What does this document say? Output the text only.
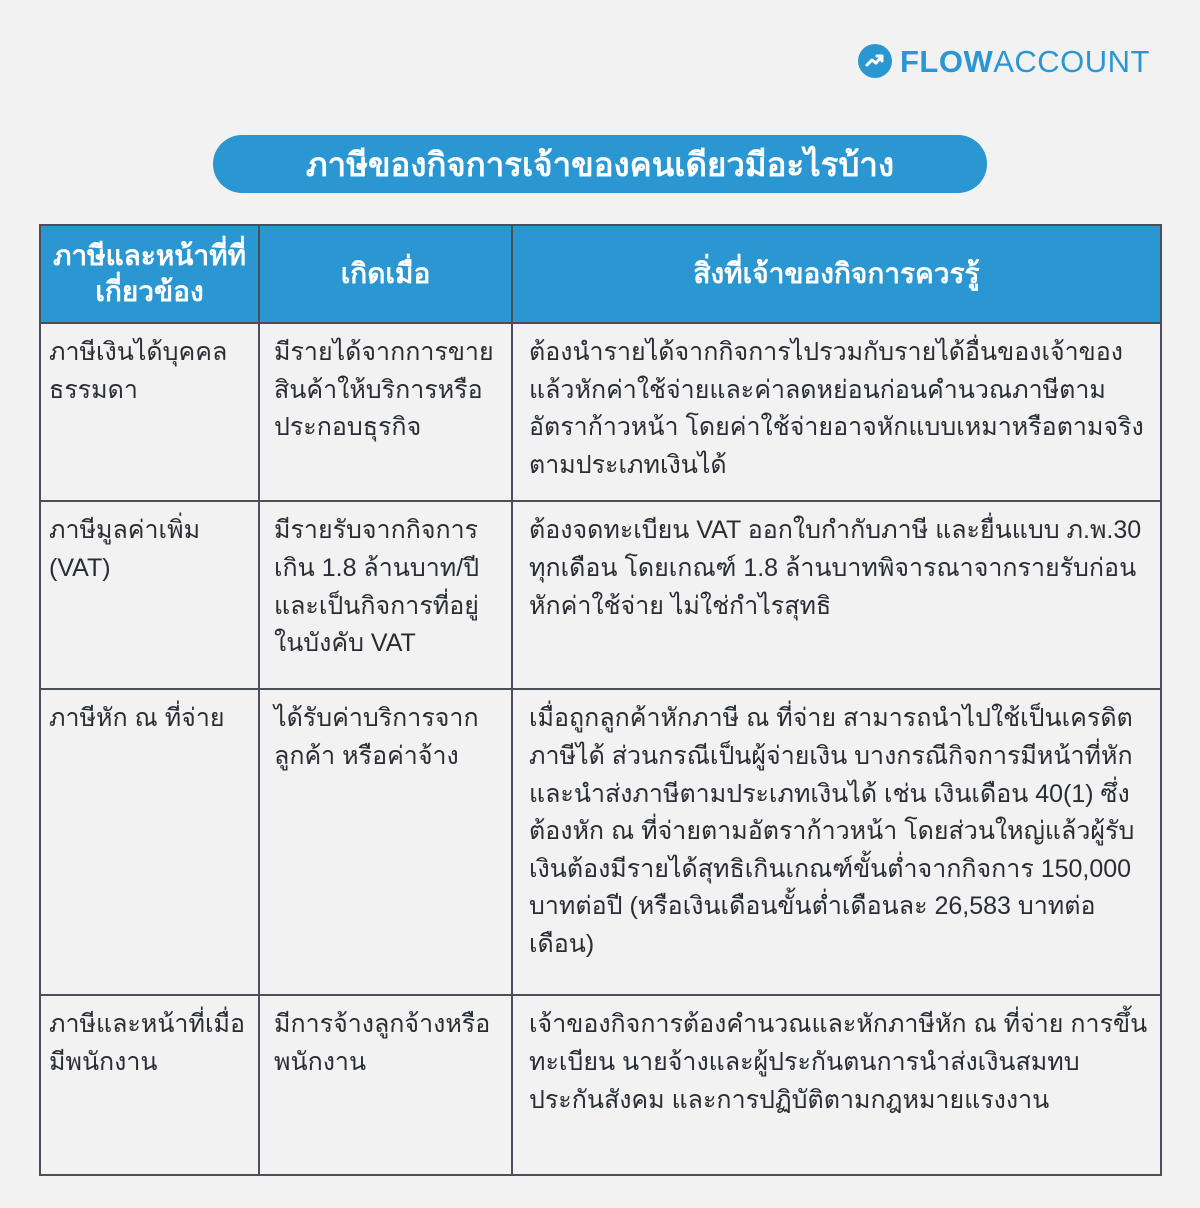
FLOWACCOUNT
ภาษีของกิจการเจ้าของคนเดียวมีอะไรบ้าง
ภาษีและหน้าที่ที่เกี่ยวข้อง	เกิดเมื่อ	สิ่งที่เจ้าของกิจการควรรู้
ภาษีเงินได้บุคคลธรรมดา	มีรายได้จากการขายสินค้าให้บริการหรือประกอบธุรกิจ	ต้องนำรายได้จากกิจการไปรวมกับรายได้อื่นของเจ้าของแล้วหักค่าใช้จ่ายและค่าลดหย่อนก่อนคำนวณภาษีตามอัตราก้าวหน้า โดยค่าใช้จ่ายอาจหักแบบเหมาหรือตามจริงตามประเภทเงินได้
ภาษีมูลค่าเพิ่ม (VAT)	มีรายรับจากกิจการเกิน 1.8 ล้านบาท/ปี และเป็นกิจการที่อยู่ในบังคับ VAT	ต้องจดทะเบียน VAT ออกใบกำกับภาษี และยื่นแบบ ภ.พ.30 ทุกเดือน โดยเกณฑ์ 1.8 ล้านบาทพิจารณาจากรายรับก่อนหักค่าใช้จ่าย ไม่ใช่กำไรสุทธิ
ภาษีหัก ณ ที่จ่าย	ได้รับค่าบริการจากลูกค้า หรือค่าจ้าง	เมื่อถูกลูกค้าหักภาษี ณ ที่จ่าย สามารถนำไปใช้เป็นเครดิตภาษีได้ ส่วนกรณีเป็นผู้จ่ายเงิน บางกรณีกิจการมีหน้าที่หักและนำส่งภาษีตามประเภทเงินได้ เช่น เงินเดือน 40(1) ซึ่งต้องหัก ณ ที่จ่ายตามอัตราก้าวหน้า โดยส่วนใหญ่แล้วผู้รับเงินต้องมีรายได้สุทธิเกินเกณฑ์ขั้นต่ำจากกิจการ 150,000 บาทต่อปี (หรือเงินเดือนขั้นต่ำเดือนละ 26,583 บาทต่อเดือน)
ภาษีและหน้าที่เมื่อมีพนักงาน	มีการจ้างลูกจ้างหรือพนักงาน	เจ้าของกิจการต้องคำนวณและหักภาษีหัก ณ ที่จ่าย การขึ้นทะเบียน นายจ้างและผู้ประกันตนการนำส่งเงินสมทบประกันสังคม และการปฏิบัติตามกฎหมายแรงงาน
